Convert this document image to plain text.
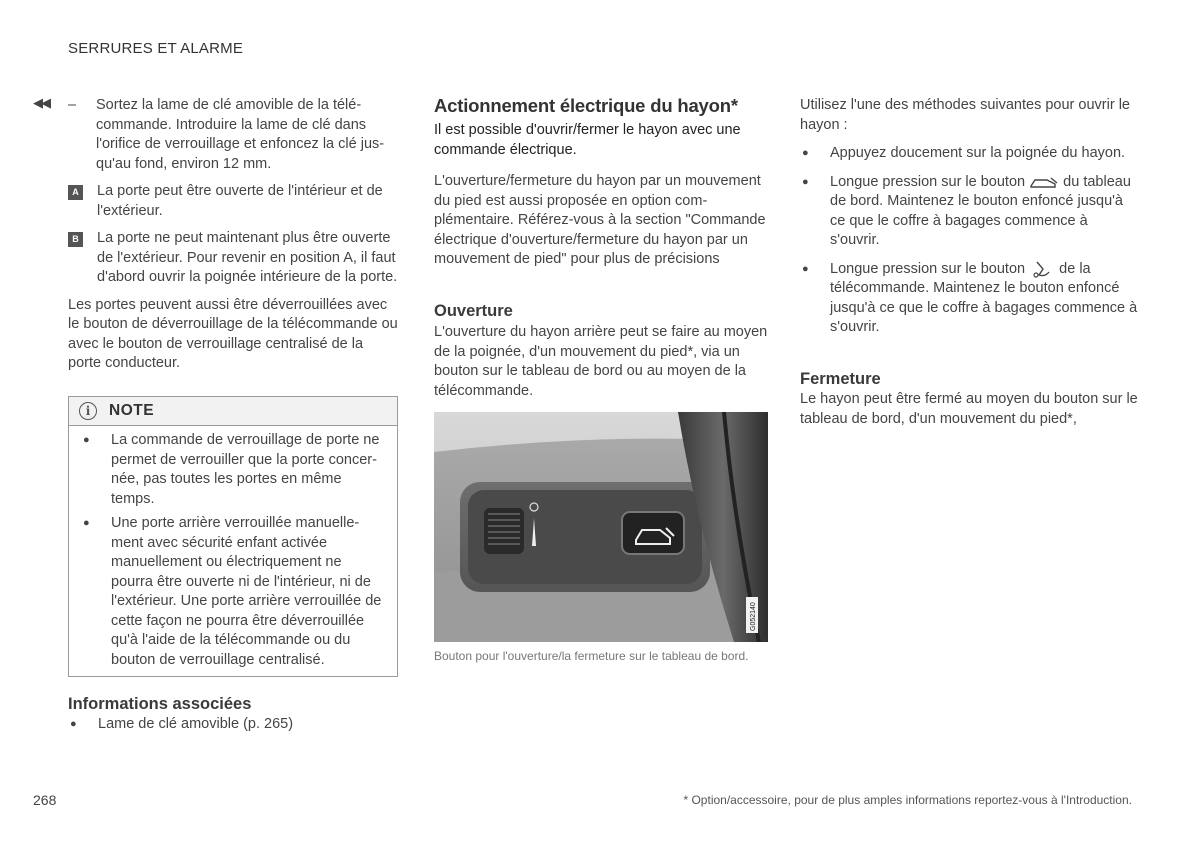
SERRURES ET ALARME
◀◀ –	Sortez la lame de clé amovible de la télécommande. Introduire la lame de clé dans l'orifice de verrouillage et enfoncez la clé jusqu'au fond, environ 12 mm.
A La porte peut être ouverte de l'intérieur et de l'extérieur.
B La porte ne peut maintenant plus être ouverte de l'extérieur. Pour revenir en position A, il faut d'abord ouvrir la poignée intérieure de la porte.
Les portes peuvent aussi être déverrouillées avec le bouton de déverrouillage de la télécommande ou avec le bouton de verrouillage centralisé de la porte conducteur.
i	NOTE
●	La commande de verrouillage de porte ne permet de verrouiller que la porte concernée, pas toutes les portes en même temps.
●	Une porte arrière verrouillée manuellement avec sécurité enfant activée manuellement ou électriquement ne pourra être ouverte ni de l'intérieur, ni de l'extérieur. Une porte arrière verrouillée de cette façon ne pourra être déverrouillée qu'à l'aide de la télécommande ou du bouton de verrouillage centralisé.
Informations associées
●	Lame de clé amovible (p. 265)
Actionnement électrique du hayon*
Il est possible d'ouvrir/fermer le hayon avec une commande électrique.
L'ouverture/fermeture du hayon par un mouvement du pied est aussi proposée en option complémentaire. Référez-vous à la section "Commande électrique d'ouverture/fermeture du hayon par un mouvement de pied" pour plus de précisions
Ouverture
L'ouverture du hayon arrière peut se faire au moyen de la poignée, d'un mouvement du pied*, via un bouton sur le tableau de bord ou au moyen de la télécommande.
G052140
Bouton pour l'ouverture/la fermeture sur le tableau de bord.
Utilisez l'une des méthodes suivantes pour ouvrir le hayon :
●	Appuyez doucement sur la poignée du hayon.
●	Longue pression sur le bouton	du tableau de bord. Maintenez le bouton enfoncé jusqu'à ce que le coffre à bagages commence à s'ouvrir.
●	Longue pression sur le bouton de la télécommande. Maintenez le bouton enfoncé jusqu'à ce que le coffre à bagages commence à s'ouvrir.
Fermeture
Le hayon peut être fermé au moyen du bouton sur le tableau de bord, d'un mouvement du pied*,
268	* Option/accessoire, pour de plus amples informations reportez-vous à l'Introduction.
